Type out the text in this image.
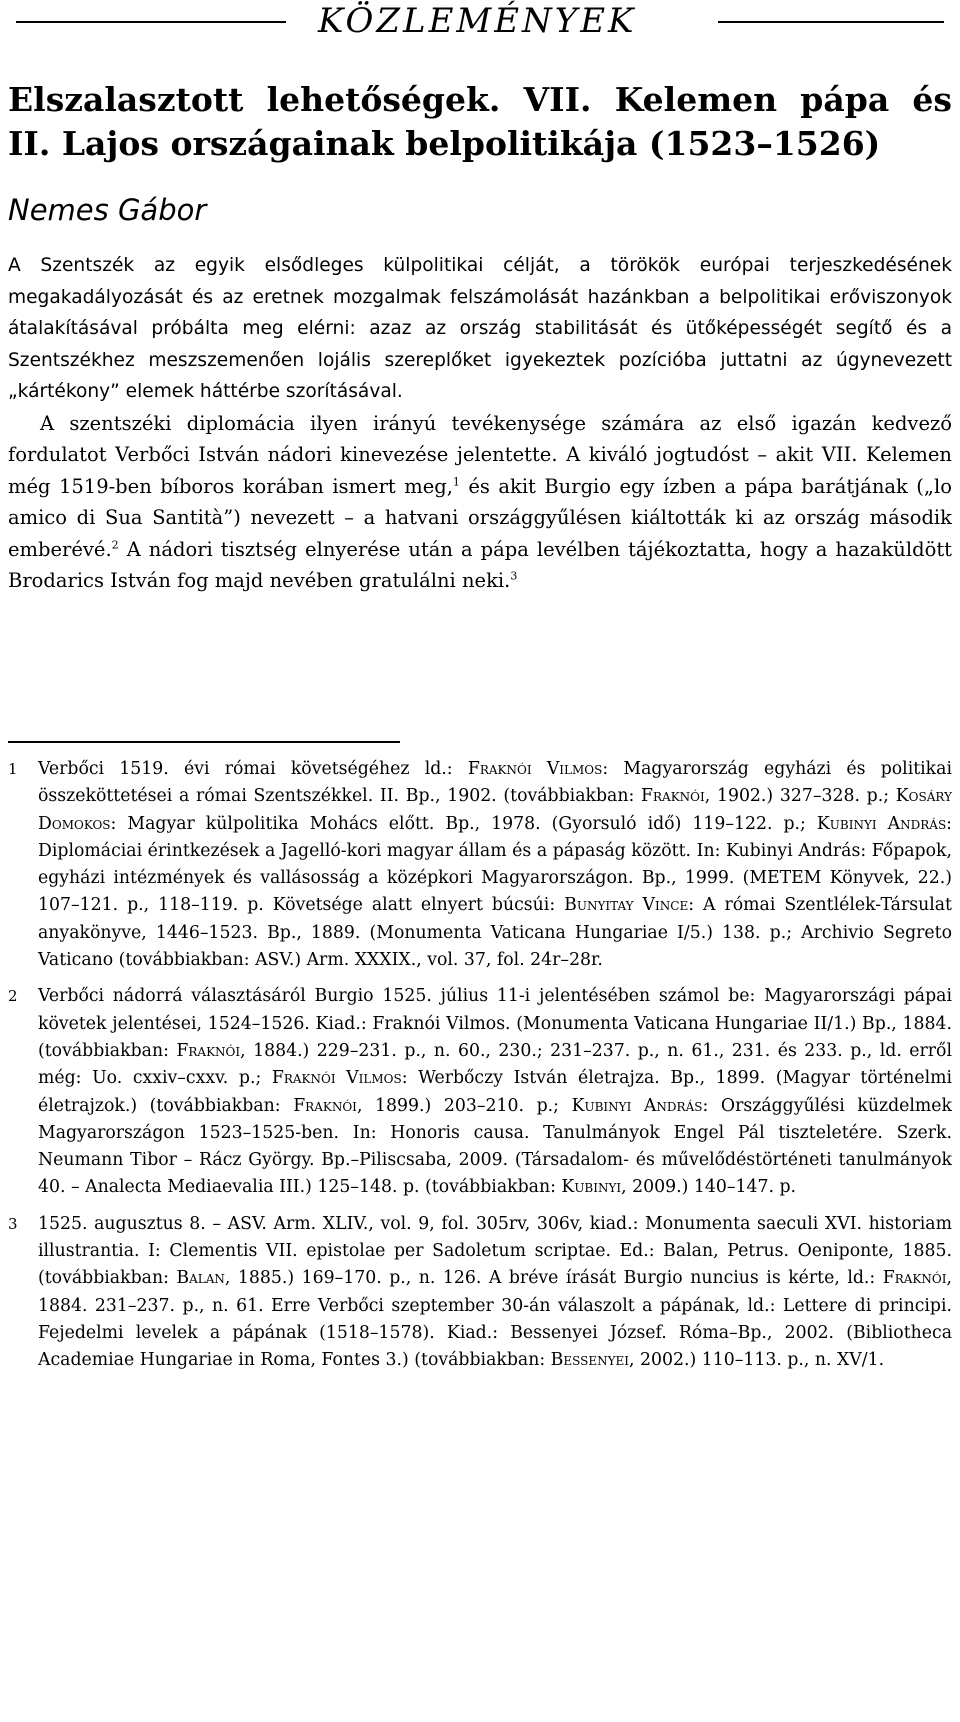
KÖZLEMÉNYEK
Elszalasztott lehetőségek. VII. Kelemen pápa és
II. Lajos országainak belpolitikája (1523–1526)
Nemes Gábor

A Szentszék az egyik elsődleges külpolitikai célját, a törökök európai terjeszkedésének megakadályozását és az eretnek mozgalmak felszámolását hazánkban a belpolitikai erőviszonyok átalakításával próbálta meg elérni: azaz az ország stabilitását és ütőképességét segítő és a Szentszékhez meszszemenően lojális szereplőket igyekeztek pozícióba juttatni az úgynevezett „kártékony” elemek háttérbe szorításával.

A szentszéki diplomácia ilyen irányú tevékenysége számára az első igazán kedvező fordulatot Verbőci István nádori kinevezése jelentette. A kiváló jogtudóst – akit VII. Kelemen még 1519-ben bíboros korában ismert meg,$^1$ és akit Burgio egy ízben a pápa barátjának („lo amico di Sua Santità”) nevezett – a hatvani országgyűlésen kiáltották ki az ország második emberévé.$^2$ A nádori tisztség elnyerése után a pápa levélben tájékoztatta, hogy a hazaküldött Brodarics István fog majd nevében gratulálni neki.$^3$

1 Verbőci 1519. évi római követségéhez ld.: Fraknói Vilmos: Magyarország egyházi és politikai összeköttetései a római Szentszékkel. II. Bp., 1902. (továbbiakban: Fraknói, 1902.) 327–328. p.; Kosáry Domokos: Magyar külpolitika Mohács előtt. Bp., 1978. (Gyorsuló idő) 119–122. p.; Kubinyi András: Diplomáciai érintkezések a Jagelló-kori magyar állam és a pápaság között. In: Kubinyi András: Főpapok, egyházi intézmények és vallásosság a középkori Magyarországon. Bp., 1999. (METEM Könyvek, 22.) 107–121. p., 118–119. p. Követsége alatt elnyert búcsúi: Bunyitay Vince: A római Szentlélek-Társulat anyakönyve, 1446–1523. Bp., 1889. (Monumenta Vaticana Hungariae I/5.) 138. p.; Archivio Segreto Vaticano (továbbiakban: ASV.) Arm. XXXIX., vol. 37, fol. 24r–28r.
2 Verbőci nádorrá választásáról Burgio 1525. július 11-i jelentésében számol be: Magyarországi pápai követek jelentései, 1524–1526. Kiad.: Fraknói Vilmos. (Monumenta Vaticana Hungariae II/1.) Bp., 1884. (továbbiakban: Fraknói, 1884.) 229–231. p., n. 60., 230.; 231–237. p., n. 61., 231. és 233. p., ld. erről még: Uo. cxxiv–cxxv. p.; Fraknói Vilmos: Werbőczy István életrajza. Bp., 1899. (Magyar történelmi életrajzok.) (továbbiakban: Fraknói, 1899.) 203–210. p.; Kubinyi András: Országgyűlési küzdelmek Magyarországon 1523–1525-ben. In: Honoris causa. Tanulmányok Engel Pál tiszteletére. Szerk. Neumann Tibor – Rácz György. Bp.–Piliscsaba, 2009. (Társadalom- és művelődéstörténeti tanulmányok 40. – Analecta Mediaevalia III.) 125–148. p. (továbbiakban: Kubinyi, 2009.) 140–147. p.
3 1525. augusztus 8. – ASV. Arm. XLIV., vol. 9, fol. 305rv, 306v, kiad.: Monumenta saeculi XVI. historiam illustrantia. I: Clementis VII. epistolae per Sadoletum scriptae. Ed.: Balan, Petrus. Oeniponte, 1885. (továbbiakban: Balan, 1885.) 169–170. p., n. 126. A bréve írását Burgio nuncius is kérte, ld.: Fraknói, 1884. 231–237. p., n. 61. Erre Verbőci szeptember 30-án válaszolt a pápának, ld.: Lettere di principi. Fejedelmi levelek a pápának (1518–1578). Kiad.: Bessenyei József. Róma–Bp., 2002. (Bibliotheca Academiae Hungariae in Roma, Fontes 3.) (továbbiakban: Bessenyei, 2002.) 110–113. p., n. XV/1.
